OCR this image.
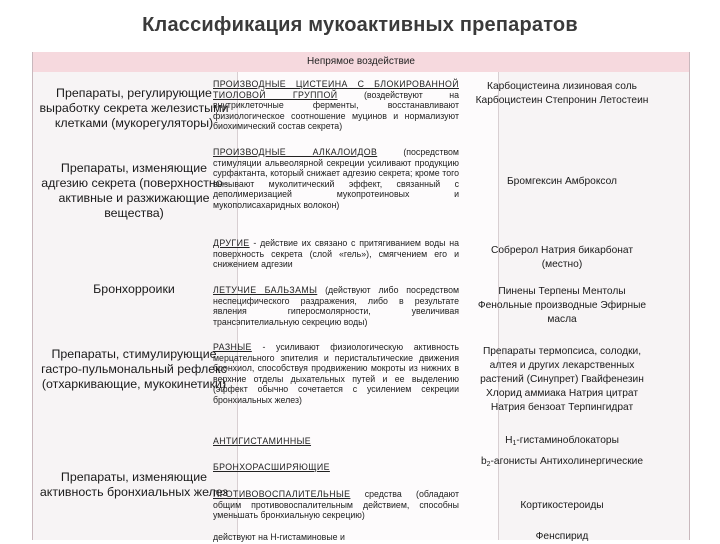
Классификация мукоактивных препаратов
Непрямое воздействие
Препараты, регулирующие выработку секрета железистыми клетками (мукорегуляторы)
Препараты, изменяющие адгезию секрета (поверхностно-активные и разжижающие вещества)
Бронхорроики
Препараты, стимулирующие гастро-пульмональный рефлекс (отхаркивающие, мукокинетики)
Препараты, изменяющие активность бронхиальных желез
ПРОИЗВОДНЫЕ ЦИСТЕИНА С БЛОКИРОВАННОЙ ТИОЛОВОЙ ГРУППОЙ (воздействуют на внутриклеточные ферменты, восстанавливают физиологическое соотношение муцинов и нормализуют биохимический состав секрета)
ПРОИЗВОДНЫЕ АЛКАЛОИДОВ (посредством стимуляции альвеолярной секреции усиливают продукцию сурфактанта, который снижает адгезию секрета; кроме того вызывают муколитический эффект, связанный с деполимеризацией мукопротеиновых и мукополисахаридных волокон)
ДРУГИЕ - действие их связано с притягиванием воды на поверхность секрета (слой «гель»), смягчением его и снижением адгезии
ЛЕТУЧИЕ БАЛЬЗАМЫ (действуют либо посредством неспецифического раздражения, либо в результате явления гиперосмолярности, увеличивая трансэпителиальную секрецию воды)
РАЗНЫЕ - усиливают физиологическую активность мерцательного эпителия и перистальтические движения бронхиол, способствуя продвижению мокроты из нижних в верхние отделы дыхательных путей и ее выделению (эффект обычно сочетается с усилением секреции бронхиальных желез)
АНТИГИСТАМИННЫЕ
БРОНХОРАСШИРЯЮЩИЕ
ПРОТИВОВОСПАЛИТЕЛЬНЫЕ средства (обладают общим противовоспалительным действием, способны уменьшать бронхиальную секрецию)
действуют на Н-гистаминовые и
Карбоцистеина лизиновая соль Карбоцистеин Степронин Летостеин
Бромгексин Амброксол
Собрерол Натрия бикарбонат (местно)
Пинены Терпены Ментолы Фенольные производные Эфирные масла
Препараты термопсиса, солодки, алтея и других лекарственных растений (Синупрет) Гвайфенезин Хлорид аммиака Натрия цитрат Натрия бензоат Терпингидрат
$H_1$-гистаминоблокаторы
$b_2$-агонисты Антихолинергические
Кортикостероиды
Фенспирид
